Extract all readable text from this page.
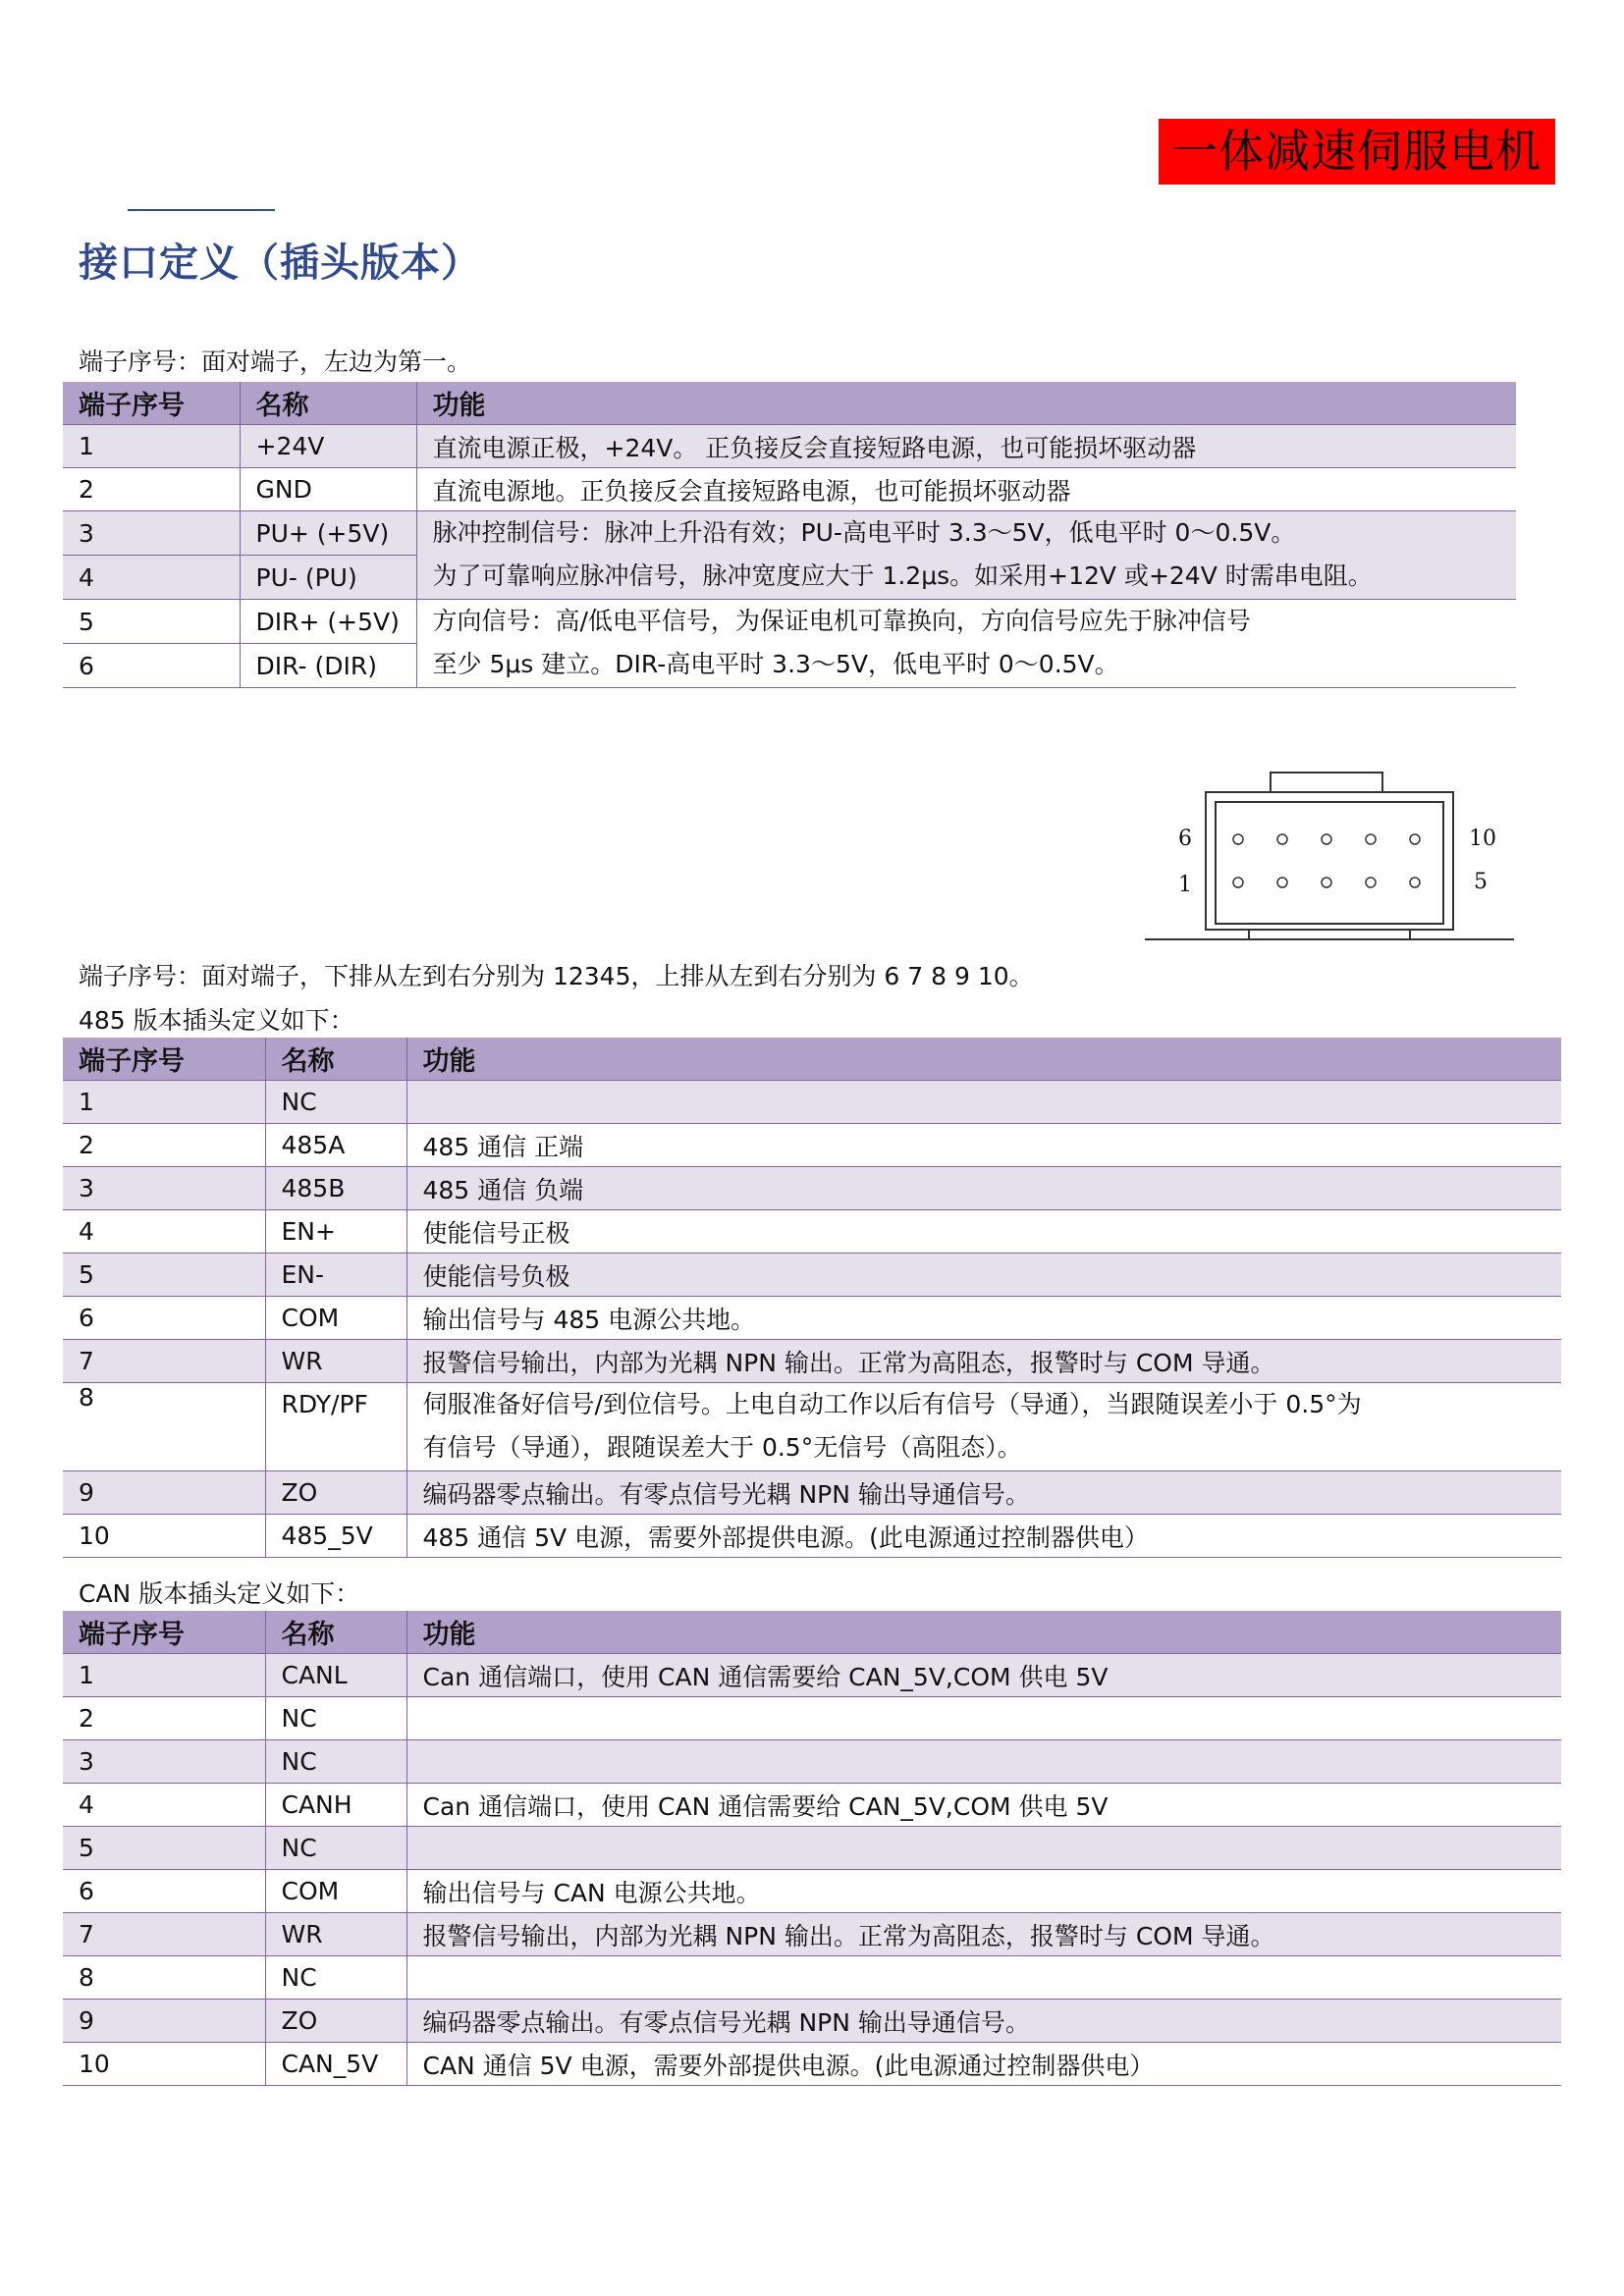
一体减速伺服电机
接口定义（插头版本）
端子序号：面对端子，左边为第一。
端子序号	名称	功能
1	+24V	直流电源正极，+24V。 正负接反会直接短路电源，也可能损坏驱动器
2	GND	直流电源地。正负接反会直接短路电源，也可能损坏驱动器
3	PU+ (+5V)	脉冲控制信号：脉冲上升沿有效；PU-高电平时 3.3～5V，低电平时 0～0.5V。
为了可靠响应脉冲信号，脉冲宽度应大于 1.2μs。如采用+12V 或+24V 时需串电阻。

4	PU- (PU)	
5	DIR+ (+5V)	方向信号：高/低电平信号，为保证电机可靠换向，方向信号应先于脉冲信号
至少 5μs 建立。DIR-高电平时 3.3～5V，低电平时 0～0.5V。

6	DIR- (DIR)	
6	10
1	5
端子序号：面对端子，下排从左到右分别为 12345，上排从左到右分别为 6 7 8 9 10。
485 版本插头定义如下：
端子序号	名称	功能
1	NC	
2	485A	485 通信 正端
3	485B	485 通信 负端
4	EN+	使能信号正极
5	EN-	使能信号负极
6	COM	输出信号与 485 电源公共地。
7	WR	报警信号输出，内部为光耦 NPN 输出。正常为高阻态，报警时与 COM 导通。
8	RDY/PF	伺服准备好信号/到位信号。上电自动工作以后有信号（导通），当跟随误差小于 0.5°为
有信号（导通），跟随误差大于 0.5°无信号（高阻态）。

9	ZO	编码器零点输出。有零点信号光耦 NPN 输出导通信号。
10	485_5V	485 通信 5V 电源，需要外部提供电源。(此电源通过控制器供电）
CAN 版本插头定义如下：
端子序号	名称	功能
1	CANL	Can 通信端口，使用 CAN 通信需要给 CAN_5V,COM 供电 5V
2	NC	
3	NC	
4	CANH	Can 通信端口，使用 CAN 通信需要给 CAN_5V,COM 供电 5V
5	NC	
6	COM	输出信号与 CAN 电源公共地。
7	WR	报警信号输出，内部为光耦 NPN 输出。正常为高阻态，报警时与 COM 导通。
8	NC	
9	ZO	编码器零点输出。有零点信号光耦 NPN 输出导通信号。
10	CAN_5V	CAN 通信 5V 电源，需要外部提供电源。(此电源通过控制器供电）
